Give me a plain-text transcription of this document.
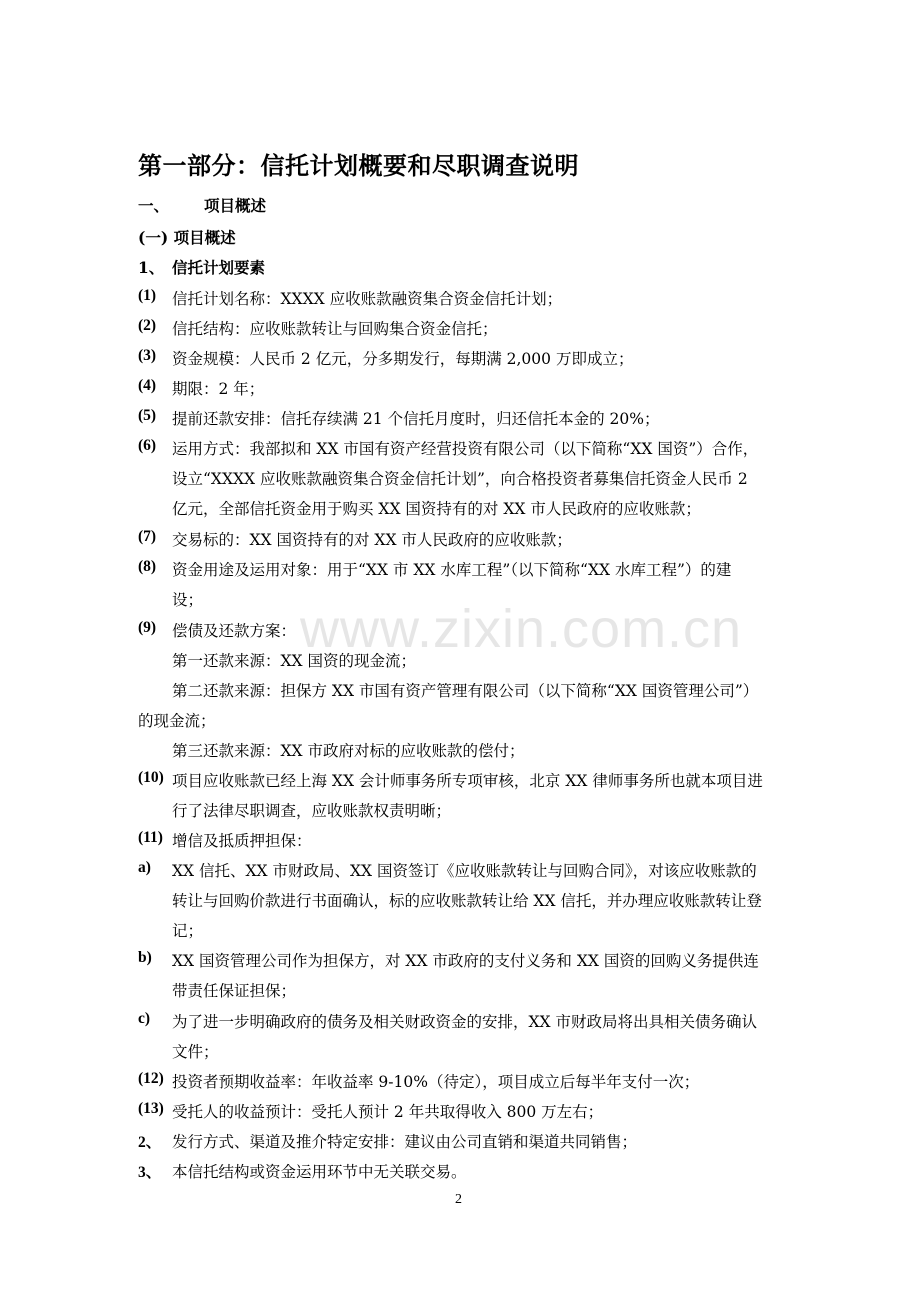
第一部分：信托计划概要和尽职调查说明
一、 项目概述
(一) 项目概述
1、 信托计划要素
(1) 信托计划名称：XXXX 应收账款融资集合资金信托计划；
(2) 信托结构：应收账款转让与回购集合资金信托；
(3) 资金规模：人民币 2 亿元，分多期发行，每期满 2,000 万即成立；
(4) 期限：2 年；
(5) 提前还款安排：信托存续满 21 个信托月度时，归还信托本金的 20%；
(6) 运用方式：我部拟和 XX 市国有资产经营投资有限公司（以下简称“XX 国资”）合作，
设立“XXXX 应收账款融资集合资金信托计划”，向合格投资者募集信托资金人民币 2
亿元，全部信托资金用于购买 XX 国资持有的对 XX 市人民政府的应收账款；
(7) 交易标的：XX 国资持有的对 XX 市人民政府的应收账款；
(8) 资金用途及运用对象：用于“XX 市 XX 水库工程”（以下简称“XX 水库工程”）的建
设；
(9) 偿债及还款方案：
第一还款来源：XX 国资的现金流；
第二还款来源：担保方 XX 市国有资产管理有限公司（以下简称“XX 国资管理公司”）
的现金流；
第三还款来源：XX 市政府对标的应收账款的偿付；
(10) 项目应收账款已经上海 XX 会计师事务所专项审核，北京 XX 律师事务所也就本项目进
行了法律尽职调查，应收账款权责明晰；
(11) 增信及抵质押担保：
a) XX 信托、XX 市财政局、XX 国资签订《应收账款转让与回购合同》，对该应收账款的
转让与回购价款进行书面确认，标的应收账款转让给 XX 信托，并办理应收账款转让登
记；
b) XX 国资管理公司作为担保方，对 XX 市政府的支付义务和 XX 国资的回购义务提供连
带责任保证担保；
c) 为了进一步明确政府的债务及相关财政资金的安排，XX 市财政局将出具相关债务确认
文件；
(12) 投资者预期收益率：年收益率 9-10%（待定），项目成立后每半年支付一次；
(13) 受托人的收益预计：受托人预计 2 年共取得收入 800 万左右；
2、 发行方式、渠道及推介特定安排：建议由公司直销和渠道共同销售；
3、 本信托结构或资金运用环节中无关联交易。
www.zixin.com.cn
2
